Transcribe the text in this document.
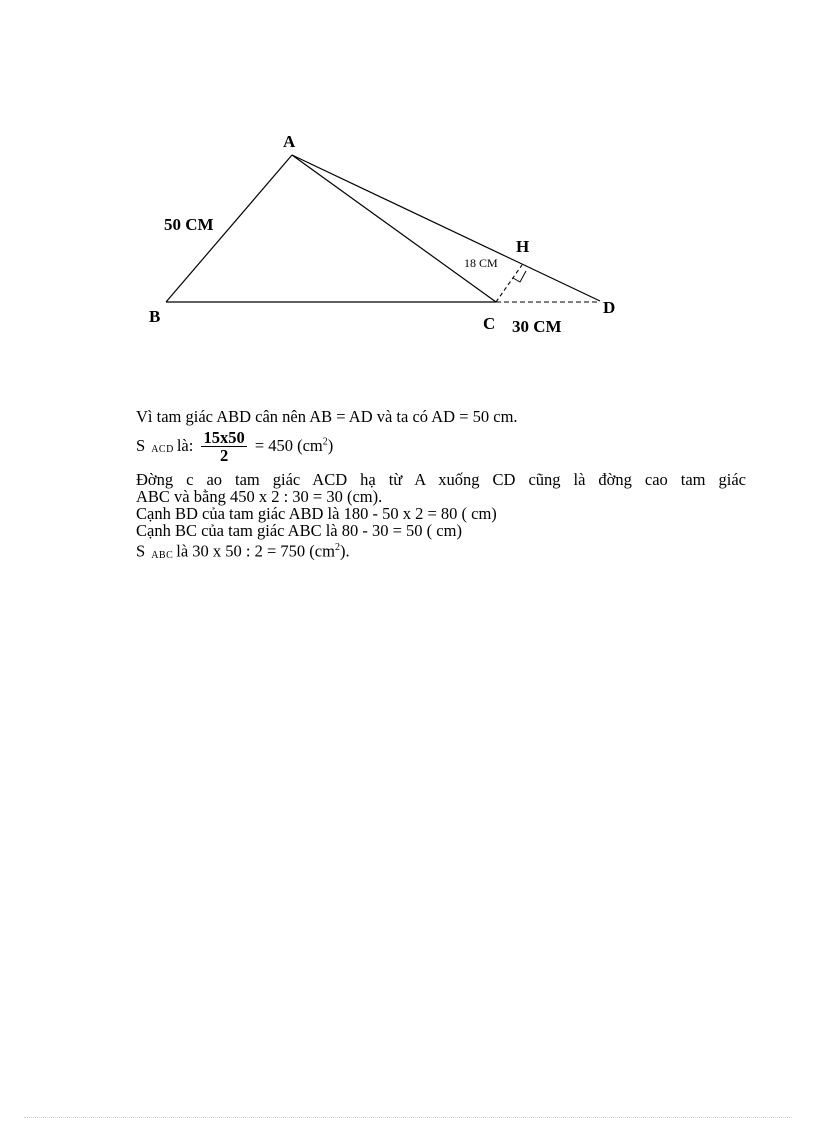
A
B	C
D
H
50 CM
18 CM
30 CM
Vì tam giác ABD cân nên AB = AD và ta có AD = 50 cm.
SACD là: $\frac{15x50}{2} = 450$ $(cm^2)$
Đờng c ao tam giác ACD hạ từ A xuống CD cũng là đờng cao tam giác
ABC và bằng 450 x 2 : 30 = 30 (cm).
Cạnh BD của tam giác ABD là 180 - 50 x 2 = 80 ( cm)
Cạnh BC của tam giác ABC là 80 - 30 = 50 ( cm)
SABC là 30 x 50 : 2 = 750 $(cm^2)$.
